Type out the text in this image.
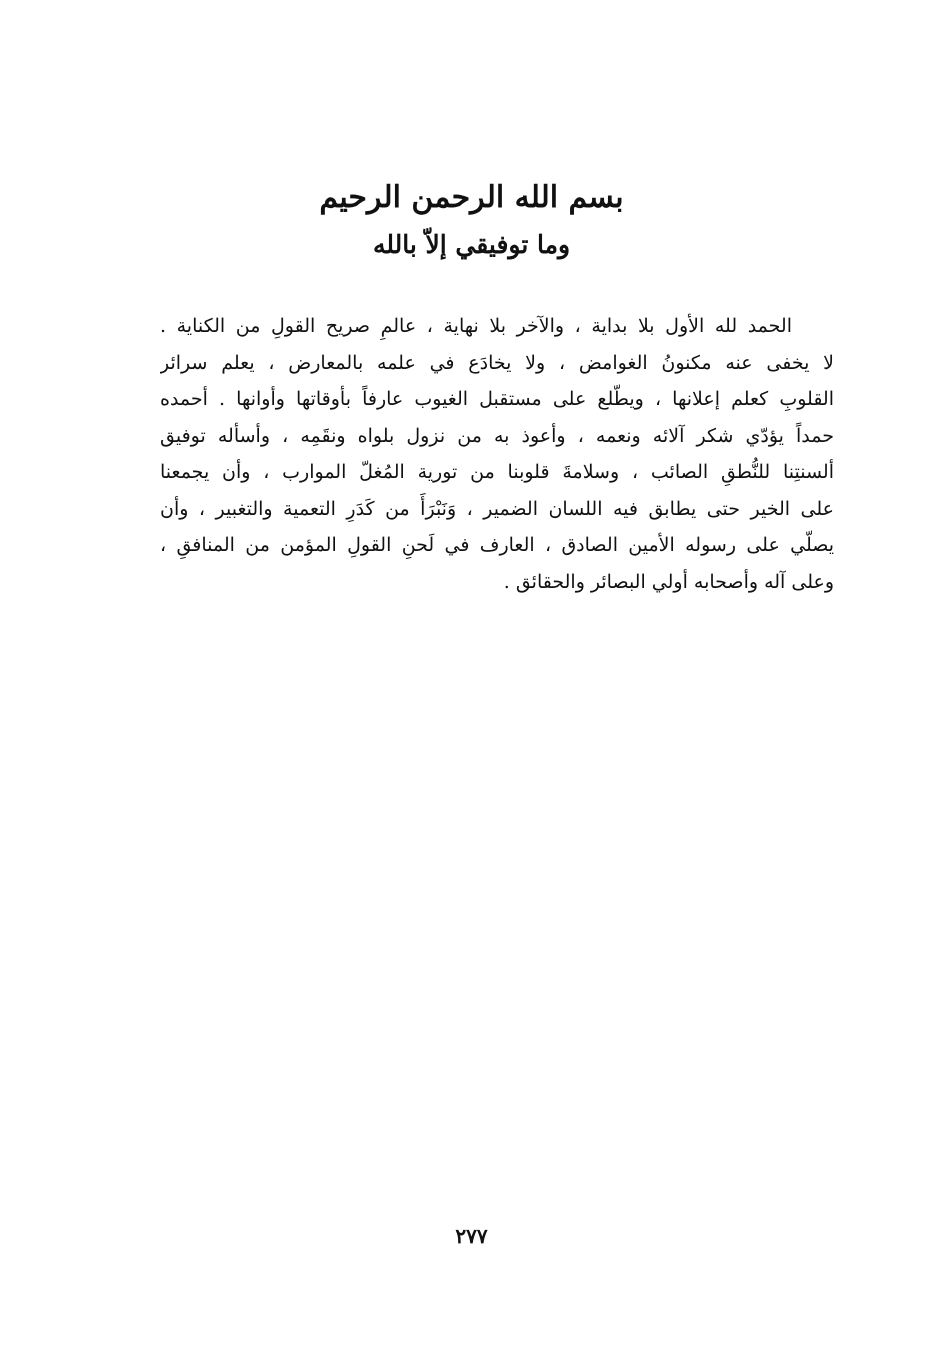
بسم الله الرحمن الرحيم
وما توفيقي إلاّ بالله
الحمد لله الأول بلا بداية ، والآخر بلا نهاية ، عالمِ صريح القولِ من الكناية .
لا يخفى عنه مكنونُ الغوامض ، ولا يخادَع في علمه بالمعارض ، يعلم سرائر
القلوبِ كعلم إعلانها ، ويطّلع على مستقبل الغيوب عارفاً بأوقاتها وأوانها . أحمده
حمداً يؤدّي شكر آلائه ونعمه ، وأعوذ به من نزول بلواه ونقَمِه ، وأسأله توفيق
ألسنتِنا للنُّطقِ الصائب ، وسلامةَ قلوبنا من تورية المُغلّ الموارب ، وأن يجمعنا
على الخير حتى يطابق فيه اللسان الضمير ، وَنَبْرَأَ من كَدَرِ التعمية والتغبير ، وأن
يصلّي على رسوله الأمين الصادق ، العارف في لَحنِ القولِ المؤمن من المنافقِ ،
وعلى آله وأصحابه أولي البصائر والحقائق .
٢٧٧
